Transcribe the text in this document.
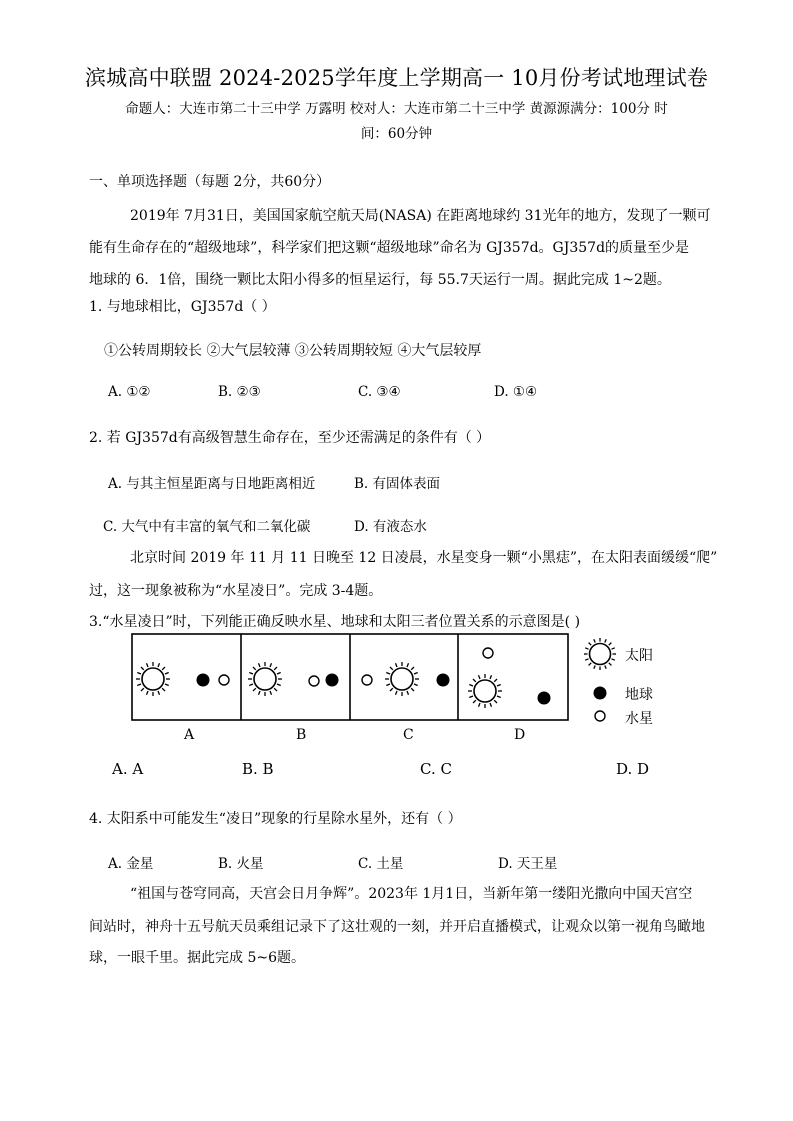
滨城高中联盟 2024-2025学年度上学期高一 10月份考试地理试卷
命题人：大连市第二十三中学 万露明 校对人：大连市第二十三中学 黄源源满分：100分 时
间：60分钟
一、单项选择题（每题 2分，共60分）
2019年 7月31日，美国国家航空航天局(NASA) 在距离地球约 31光年的地方，发现了一颗可
能有生命存在的“超级地球”，科学家们把这颗“超级地球”命名为 GJ357d。GJ357d的质量至少是
地球的 6．1倍，围绕一颗比太阳小得多的恒星运行，每 55.7天运行一周。据此完成 1~2题。
1. 与地球相比，GJ357d（ ）
①公转周期较长 ②大气层较薄 ③公转周期较短 ④大气层较厚
A. ①②	B. ②③	C. ③④	D. ①④
2. 若 GJ357d有高级智慧生命存在，至少还需满足的条件有（ ）
A. 与其主恒星距离与日地距离相近	B. 有固体表面
C. 大气中有丰富的氧气和二氧化碳	D. 有液态水
北京时间 2019 年 11 月 11 日晚至 12 日凌晨，水星变身一颗“小黑痣”，在太阳表面缓缓“爬”
过，这一现象被称为“水星凌日”。完成 3-4题。
3.“水星凌日”时，下列能正确反映水星、地球和太阳三者位置关系的示意图是( )
A	B	C	D
太阳
地球
水星
A. A	B. B	C. C	D. D
4. 太阳系中可能发生“凌日”现象的行星除水星外，还有（ ）
A. 金星	B. 火星	C. 土星	D. 天王星
“祖国与苍穹同高，天宫会日月争辉”。2023年 1月1日，当新年第一缕阳光撒向中国天宫空
间站时，神舟十五号航天员乘组记录下了这壮观的一刻，并开启直播模式，让观众以第一视角鸟瞰地
球，一眼千里。据此完成 5~6题。
